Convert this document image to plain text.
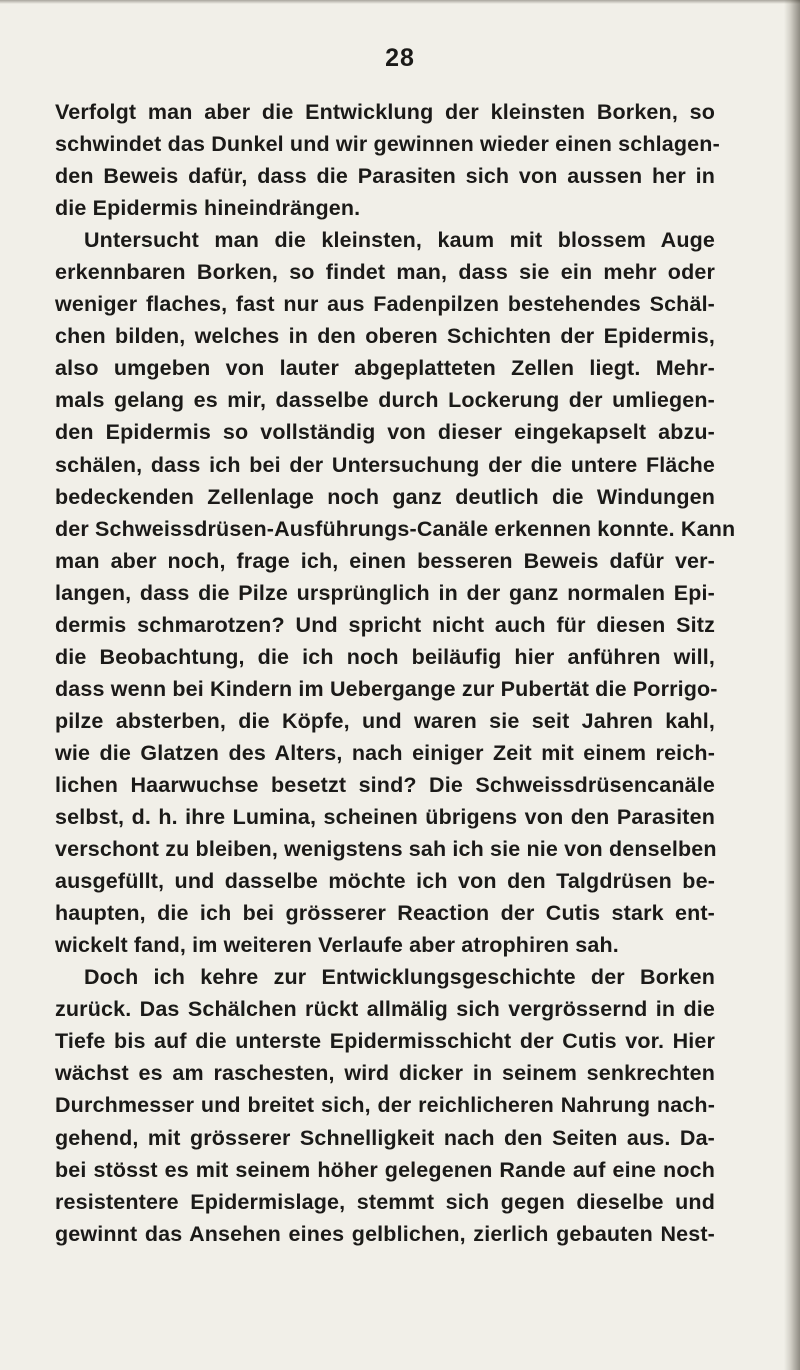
28
Verfolgt man aber die Entwicklung der kleinsten Borken, so
schwindet das Dunkel und wir gewinnen wieder einen schlagen-
den Beweis dafür, dass die Parasiten sich von aussen her in
die Epidermis hineindrängen.
Untersucht man die kleinsten, kaum mit blossem Auge
erkennbaren Borken, so findet man, dass sie ein mehr oder
weniger flaches, fast nur aus Fadenpilzen bestehendes Schäl-
chen bilden, welches in den oberen Schichten der Epidermis,
also umgeben von lauter abgeplatteten Zellen liegt. Mehr-
mals gelang es mir, dasselbe durch Lockerung der umliegen-
den Epidermis so vollständig von dieser eingekapselt abzu-
schälen, dass ich bei der Untersuchung der die untere Fläche
bedeckenden Zellenlage noch ganz deutlich die Windungen
der Schweissdrüsen-Ausführungs-Canäle erkennen konnte. Kann
man aber noch, frage ich, einen besseren Beweis dafür ver-
langen, dass die Pilze ursprünglich in der ganz normalen Epi-
dermis schmarotzen? Und spricht nicht auch für diesen Sitz
die Beobachtung, die ich noch beiläufig hier anführen will,
dass wenn bei Kindern im Uebergange zur Pubertät die Porrigo-
pilze absterben, die Köpfe, und waren sie seit Jahren kahl,
wie die Glatzen des Alters, nach einiger Zeit mit einem reich-
lichen Haarwuchse besetzt sind? Die Schweissdrüsencanäle
selbst, d. h. ihre Lumina, scheinen übrigens von den Parasiten
verschont zu bleiben, wenigstens sah ich sie nie von denselben
ausgefüllt, und dasselbe möchte ich von den Talgdrüsen be-
haupten, die ich bei grösserer Reaction der Cutis stark ent-
wickelt fand, im weiteren Verlaufe aber atrophiren sah.
Doch ich kehre zur Entwicklungsgeschichte der Borken
zurück. Das Schälchen rückt allmälig sich vergrössernd in die
Tiefe bis auf die unterste Epidermisschicht der Cutis vor. Hier
wächst es am raschesten, wird dicker in seinem senkrechten
Durchmesser und breitet sich, der reichlicheren Nahrung nach-
gehend, mit grösserer Schnelligkeit nach den Seiten aus. Da-
bei stösst es mit seinem höher gelegenen Rande auf eine noch
resistentere Epidermislage, stemmt sich gegen dieselbe und
gewinnt das Ansehen eines gelblichen, zierlich gebauten Nest-
